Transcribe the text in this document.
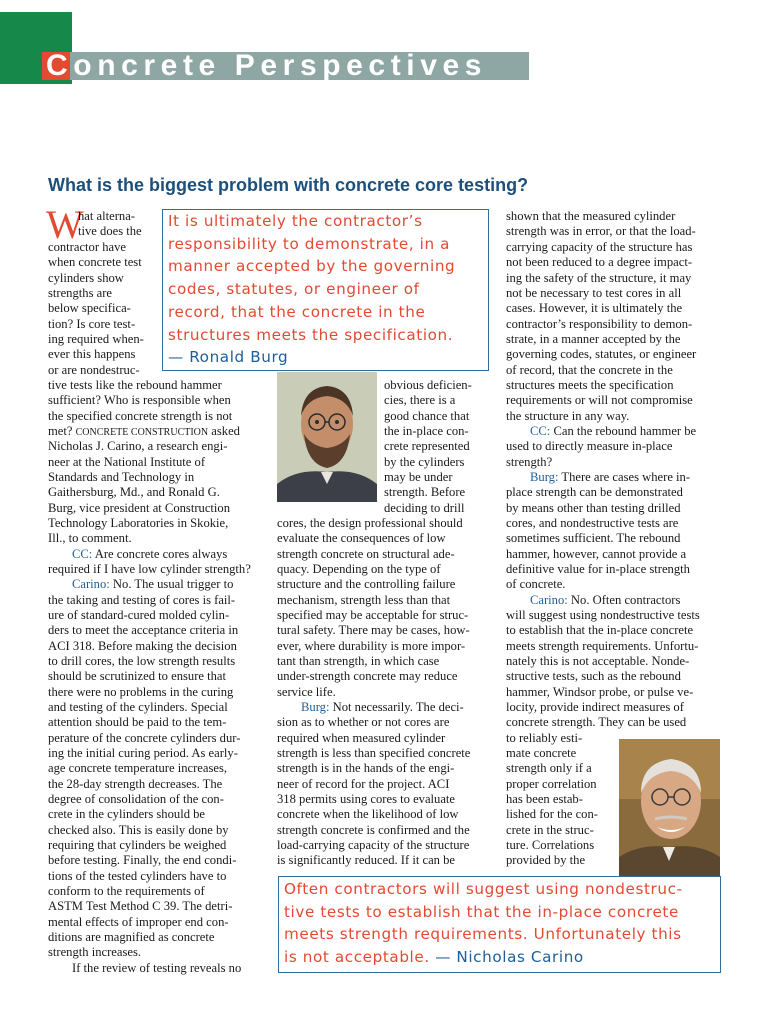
Concrete Perspectives
What is the biggest problem with concrete core testing?
W
hat alterna-
tive does the
contractor have
when concrete test
cylinders show
strengths are
below specifica-
tion? Is core test-
ing required when-
ever this happens
or are nondestruc-
tive tests like the rebound hammer
sufficient? Who is responsible when
the specified concrete strength is not
met? CONCRETE CONSTRUCTION asked
Nicholas J. Carino, a research engi-
neer at the National Institute of
Standards and Technology in
Gaithersburg, Md., and Ronald G.
Burg, vice president at Construction
Technology Laboratories in Skokie,
Ill., to comment.
CC: Are concrete cores always
required if I have low cylinder strength?
Carino: No. The usual trigger to
the taking and testing of cores is fail-
ure of standard-cured molded cylin-
ders to meet the acceptance criteria in
ACI 318. Before making the decision
to drill cores, the low strength results
should be scrutinized to ensure that
there were no problems in the curing
and testing of the cylinders. Special
attention should be paid to the tem-
perature of the concrete cylinders dur-
ing the initial curing period. As early-
age concrete temperature increases,
the 28-day strength decreases. The
degree of consolidation of the con-
crete in the cylinders should be
checked also. This is easily done by
requiring that cylinders be weighed
before testing. Finally, the end condi-
tions of the tested cylinders have to
conform to the requirements of
ASTM Test Method C 39. The detri-
mental effects of improper end con-
ditions are magnified as concrete
strength increases.
If the review of testing reveals no
obvious deficien-
cies, there is a
good chance that
the in-place con-
crete represented
by the cylinders
may be under
strength. Before
deciding to drill
cores, the design professional should
evaluate the consequences of low
strength concrete on structural ade-
quacy. Depending on the type of
structure and the controlling failure
mechanism, strength less than that
specified may be acceptable for struc-
tural safety. There may be cases, how-
ever, where durability is more impor-
tant than strength, in which case
under-strength concrete may reduce
service life.
Burg: Not necessarily. The deci-
sion as to whether or not cores are
required when measured cylinder
strength is less than specified concrete
strength is in the hands of the engi-
neer of record for the project. ACI
318 permits using cores to evaluate
concrete when the likelihood of low
strength concrete is confirmed and the
load-carrying capacity of the structure
is significantly reduced. If it can be
shown that the measured cylinder
strength was in error, or that the load-
carrying capacity of the structure has
not been reduced to a degree impact-
ing the safety of the structure, it may
not be necessary to test cores in all
cases. However, it is ultimately the
contractor’s responsibility to demon-
strate, in a manner accepted by the
governing codes, statutes, or engineer
of record, that the concrete in the
structures meets the specification
requirements or will not compromise
the structure in any way.
CC: Can the rebound hammer be
used to directly measure in-place
strength?
Burg: There are cases where in-
place strength can be demonstrated
by means other than testing drilled
cores, and nondestructive tests are
sometimes sufficient. The rebound
hammer, however, cannot provide a
definitive value for in-place strength
of concrete.
Carino: No. Often contractors
will suggest using nondestructive tests
to establish that the in-place concrete
meets strength requirements. Unfortu-
nately this is not acceptable. Nonde-
structive tests, such as the rebound
hammer, Windsor probe, or pulse ve-
locity, provide indirect measures of
concrete strength. They can be used
to reliably esti-
mate concrete
strength only if a
proper correlation
has been estab-
lished for the con-
crete in the struc-
ture. Correlations
provided by the
It is ultimately the contractor’s
responsibility to demonstrate, in a
manner accepted by the governing
codes, statutes, or engineer of
record, that the concrete in the
structures meets the specification.
— Ronald Burg
Often contractors will suggest using nondestruc-
tive tests to establish that the in-place concrete
meets strength requirements. Unfortunately this
is not acceptable. — Nicholas Carino
